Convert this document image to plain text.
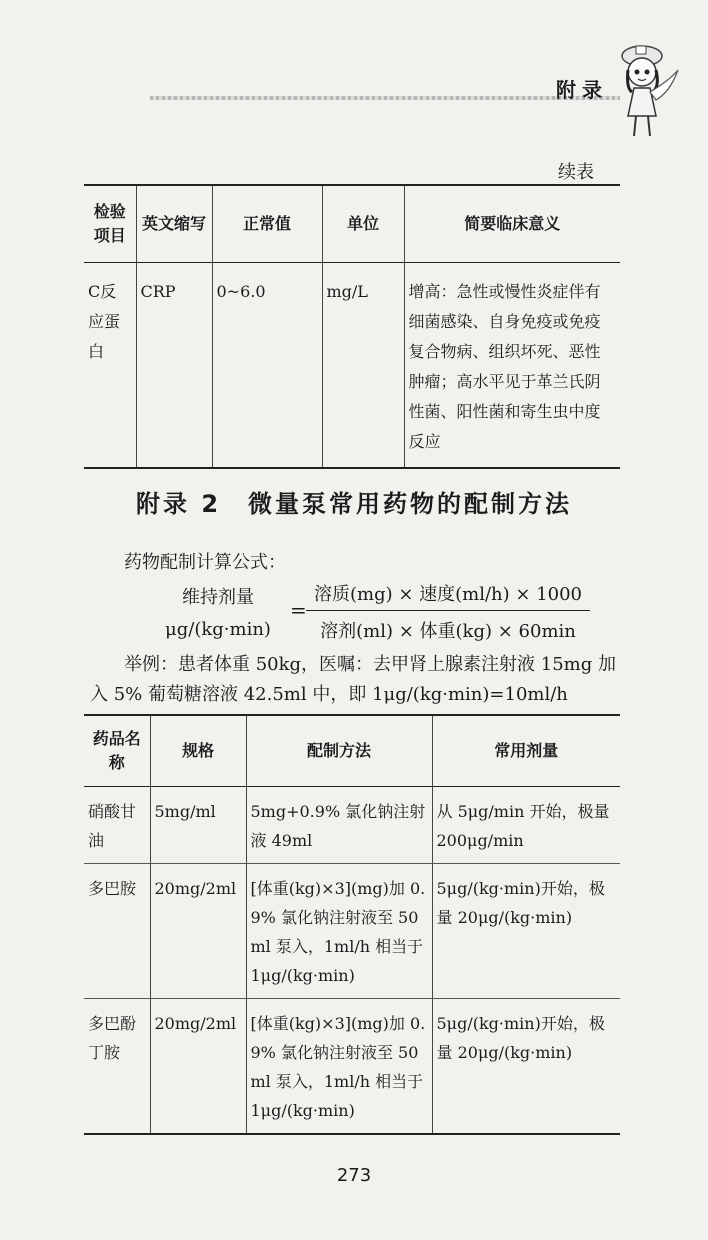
附录
续表
检验项目	英文缩写	正常值	单位	简要临床意义
C反应蛋白	CRP	0~6.0	mg/L	增高：急性或慢性炎症伴有细菌感染、自身免疫或免疫复合物病、组织坏死、恶性肿瘤；高水平见于革兰氏阴性菌、阳性菌和寄生虫中度反应
附录 2　微量泵常用药物的配制方法
药物配制计算公式：
维持剂量
μg/(kg·min)
=
溶质(mg) × 速度(ml/h) × 1000
溶剂(ml) × 体重(kg) × 60min
举例：患者体重 50kg，医嘱：去甲肾上腺素注射液 15mg 加入 5% 葡萄糖溶液 42.5ml 中，即 1μg/(kg·min)=10ml/h
药品名称	规格	配制方法	常用剂量
硝酸甘油	5mg/ml	5mg+0.9% 氯化钠注射液 49ml	从 5μg/min 开始，极量 200μg/min
多巴胺	20mg/2ml	[体重(kg)×3](mg)加 0.9% 氯化钠注射液至 50ml 泵入，1ml/h 相当于 1μg/(kg·min)	5μg/(kg·min)开始，极量 20μg/(kg·min)
多巴酚丁胺	20mg/2ml	[体重(kg)×3](mg)加 0.9% 氯化钠注射液至 50ml 泵入，1ml/h 相当于 1μg/(kg·min)	5μg/(kg·min)开始，极量 20μg/(kg·min)
273
